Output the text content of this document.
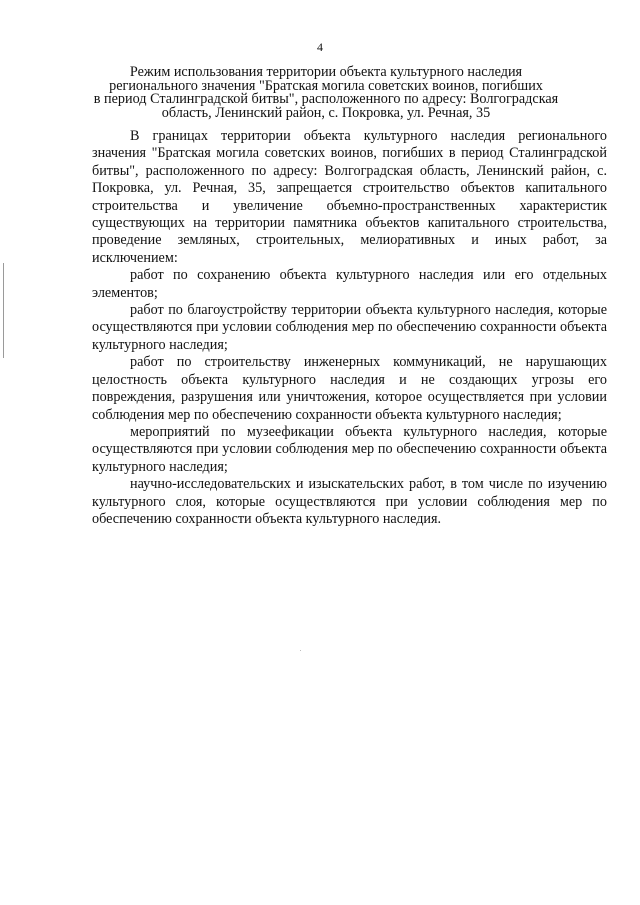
4
Режим использования территории объекта культурного наследия
регионального значения "Братская могила советских воинов, погибших
в период Сталинградской битвы", расположенного по адресу: Волгоградская
область, Ленинский район, с. Покровка, ул. Речная, 35

В границах территории объекта культурного наследия регионального значения "Братская могила советских воинов, погибших в период Сталинградской битвы", расположенного по адресу: Волгоградская область, Ленинский район, с. Покровка, ул. Речная, 35, запрещается строительство объектов капитального строительства и увеличение объемно-пространственных характеристик существующих на территории памятника объектов капитального строительства, проведение земляных, строительных, мелиоративных и иных работ, за исключением:

работ по сохранению объекта культурного наследия или его отдельных элементов;

работ по благоустройству территории объекта культурного наследия, которые осуществляются при условии соблюдения мер по обеспечению сохранности объекта культурного наследия;

работ по строительству инженерных коммуникаций, не нарушающих целостность объекта культурного наследия и не создающих угрозы его повреждения, разрушения или уничтожения, которое осуществляется при условии соблюдения мер по обеспечению сохранности объекта культурного наследия;

мероприятий по музеефикации объекта культурного наследия, которые осуществляются при условии соблюдения мер по обеспечению сохранности объекта культурного наследия;

научно-исследовательских и изыскательских работ, в том числе по изучению культурного слоя, которые осуществляются при условии соблюдения мер по обеспечению сохранности объекта культурного наследия.
